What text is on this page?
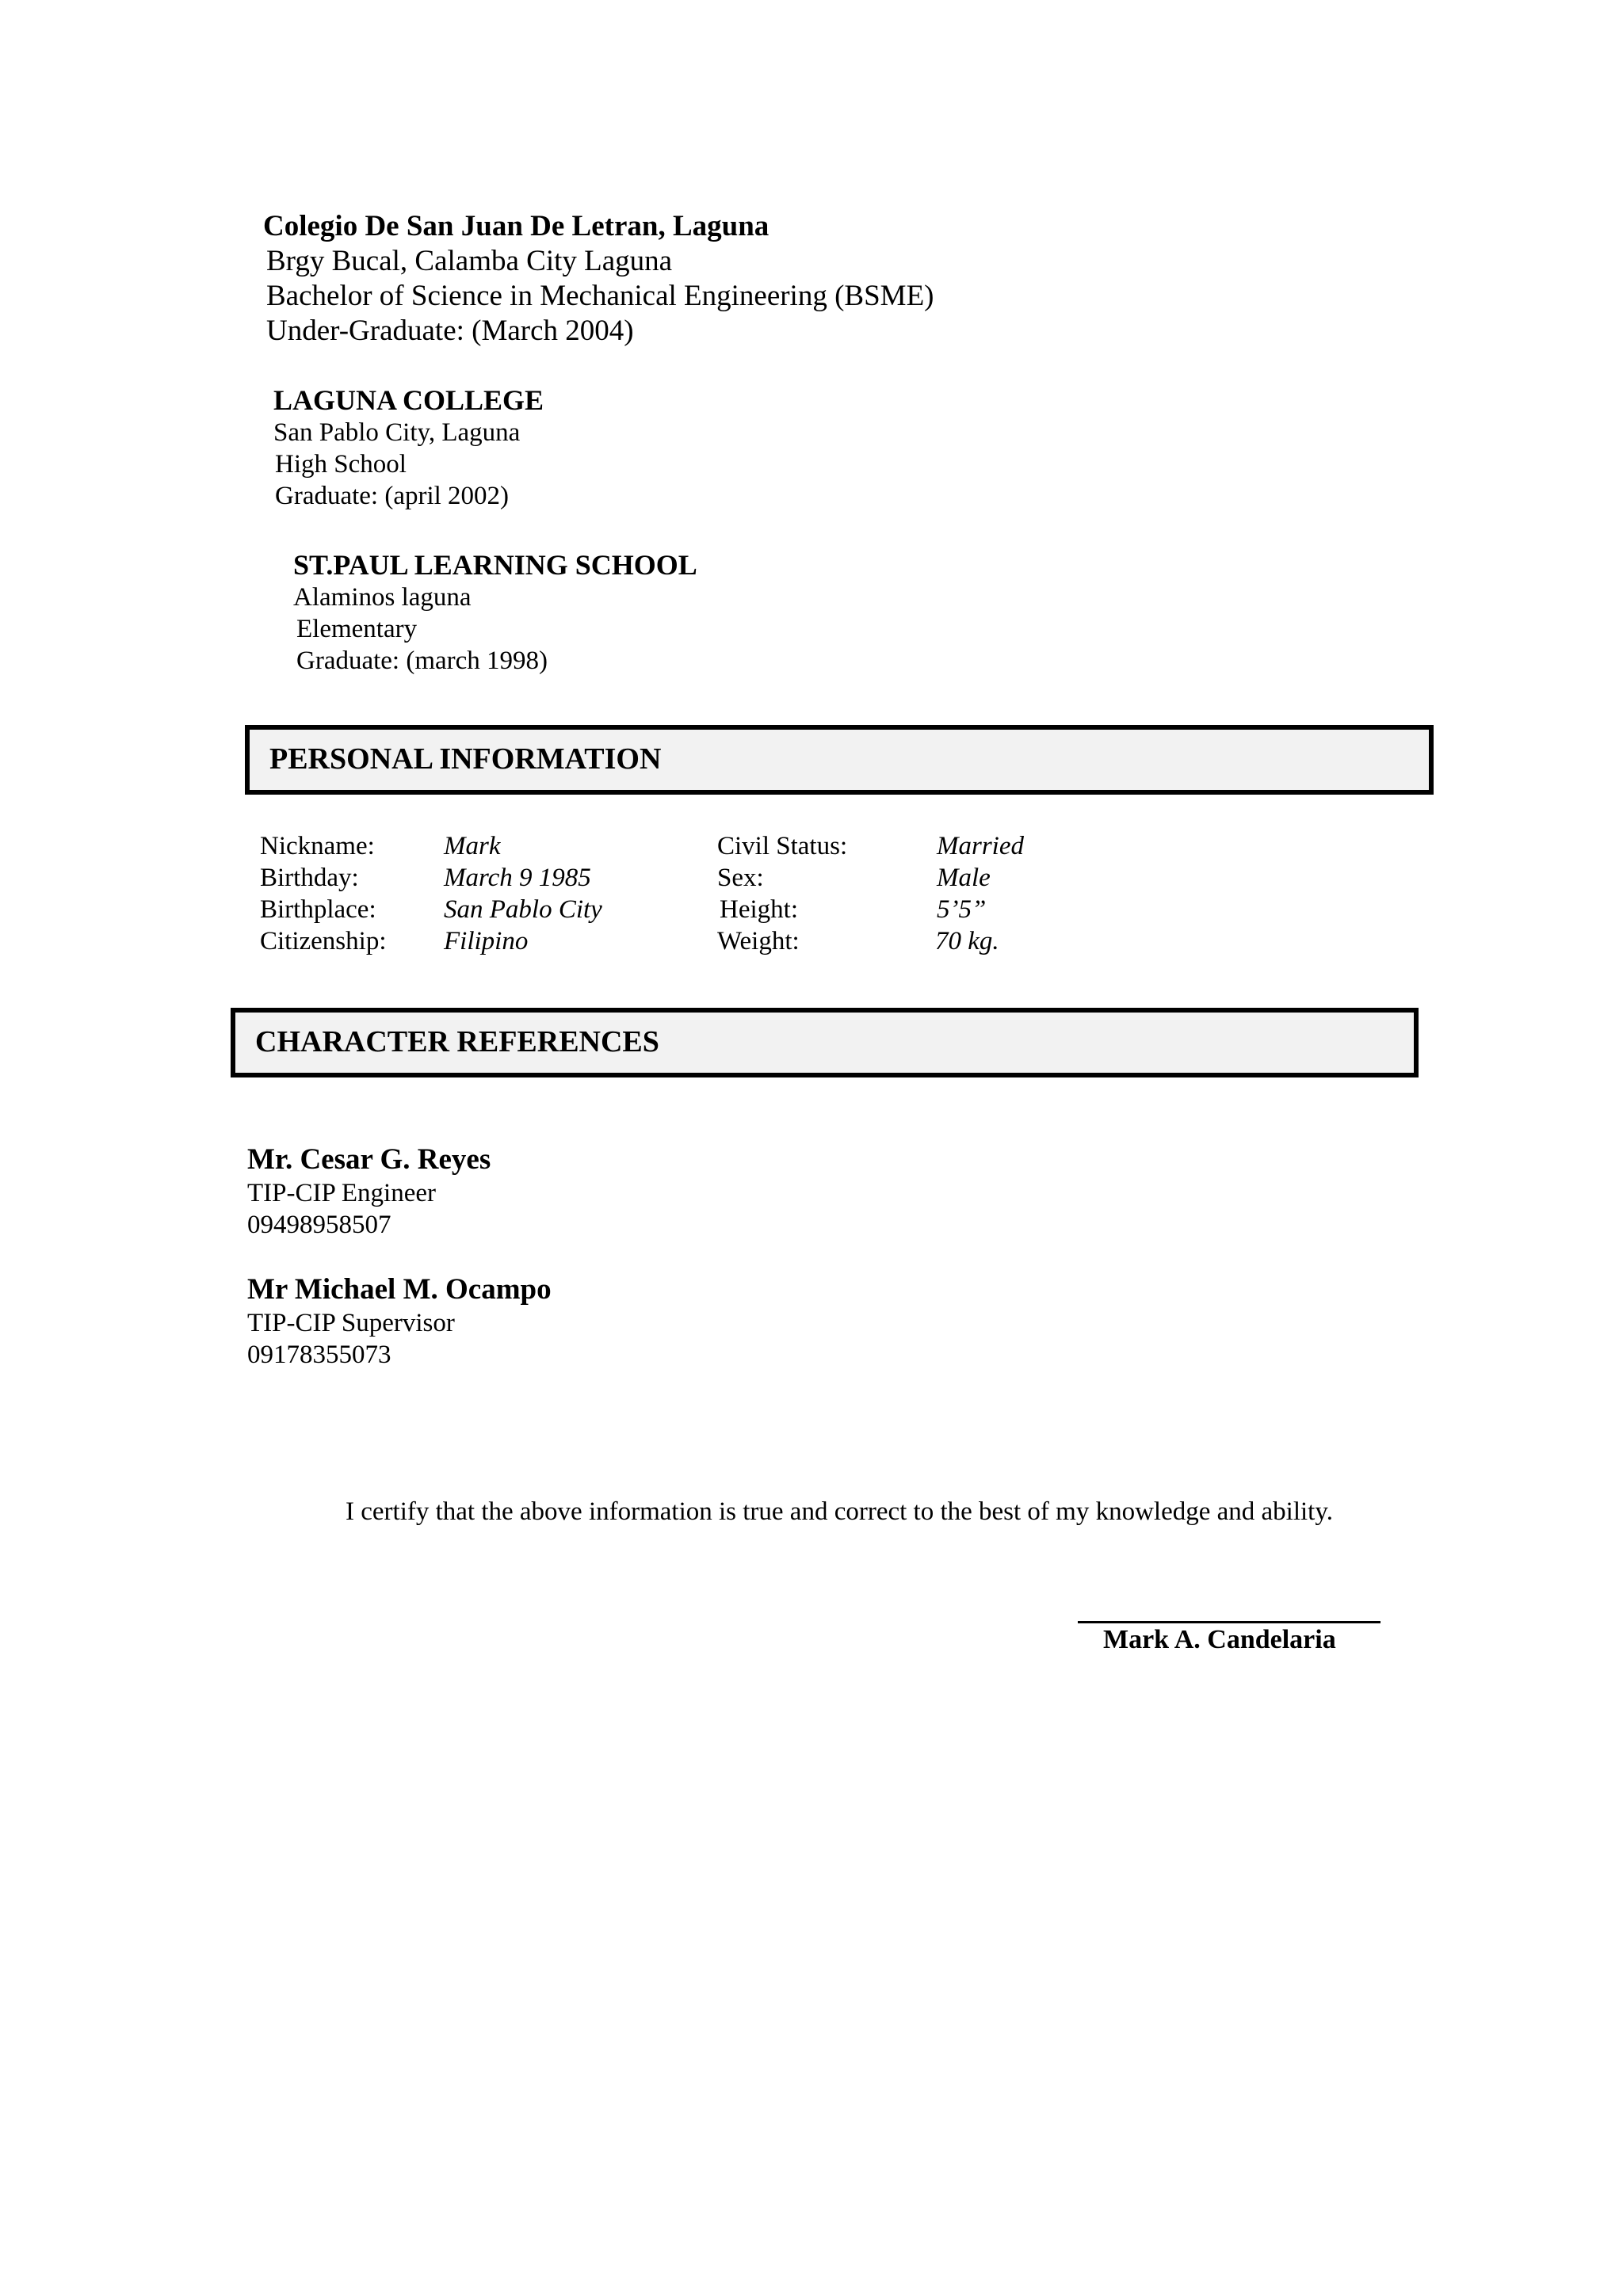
Colegio De San Juan De Letran, Laguna
Brgy Bucal, Calamba City Laguna
Bachelor of Science in Mechanical Engineering (BSME)
Under-Graduate: (March 2004)
LAGUNA COLLEGE
San Pablo City, Laguna
High School
Graduate: (april 2002)
ST.PAUL LEARNING SCHOOL
Alaminos laguna
Elementary
Graduate: (march 1998)
PERSONAL INFORMATION
Nickname:	Mark	Civil Status:	Married
Birthday:	March 9 1985	Sex:	Male
Birthplace:	San Pablo City	Height:	5’5”
Citizenship: Filipino	Weight:	70 kg.
CHARACTER REFERENCES
Mr. Cesar G. Reyes
TIP-CIP Engineer
09498958507
Mr Michael M. Ocampo
TIP-CIP Supervisor
09178355073
I certify that the above information is true and correct to the best of my knowledge and ability.
Mark A. Candelaria
